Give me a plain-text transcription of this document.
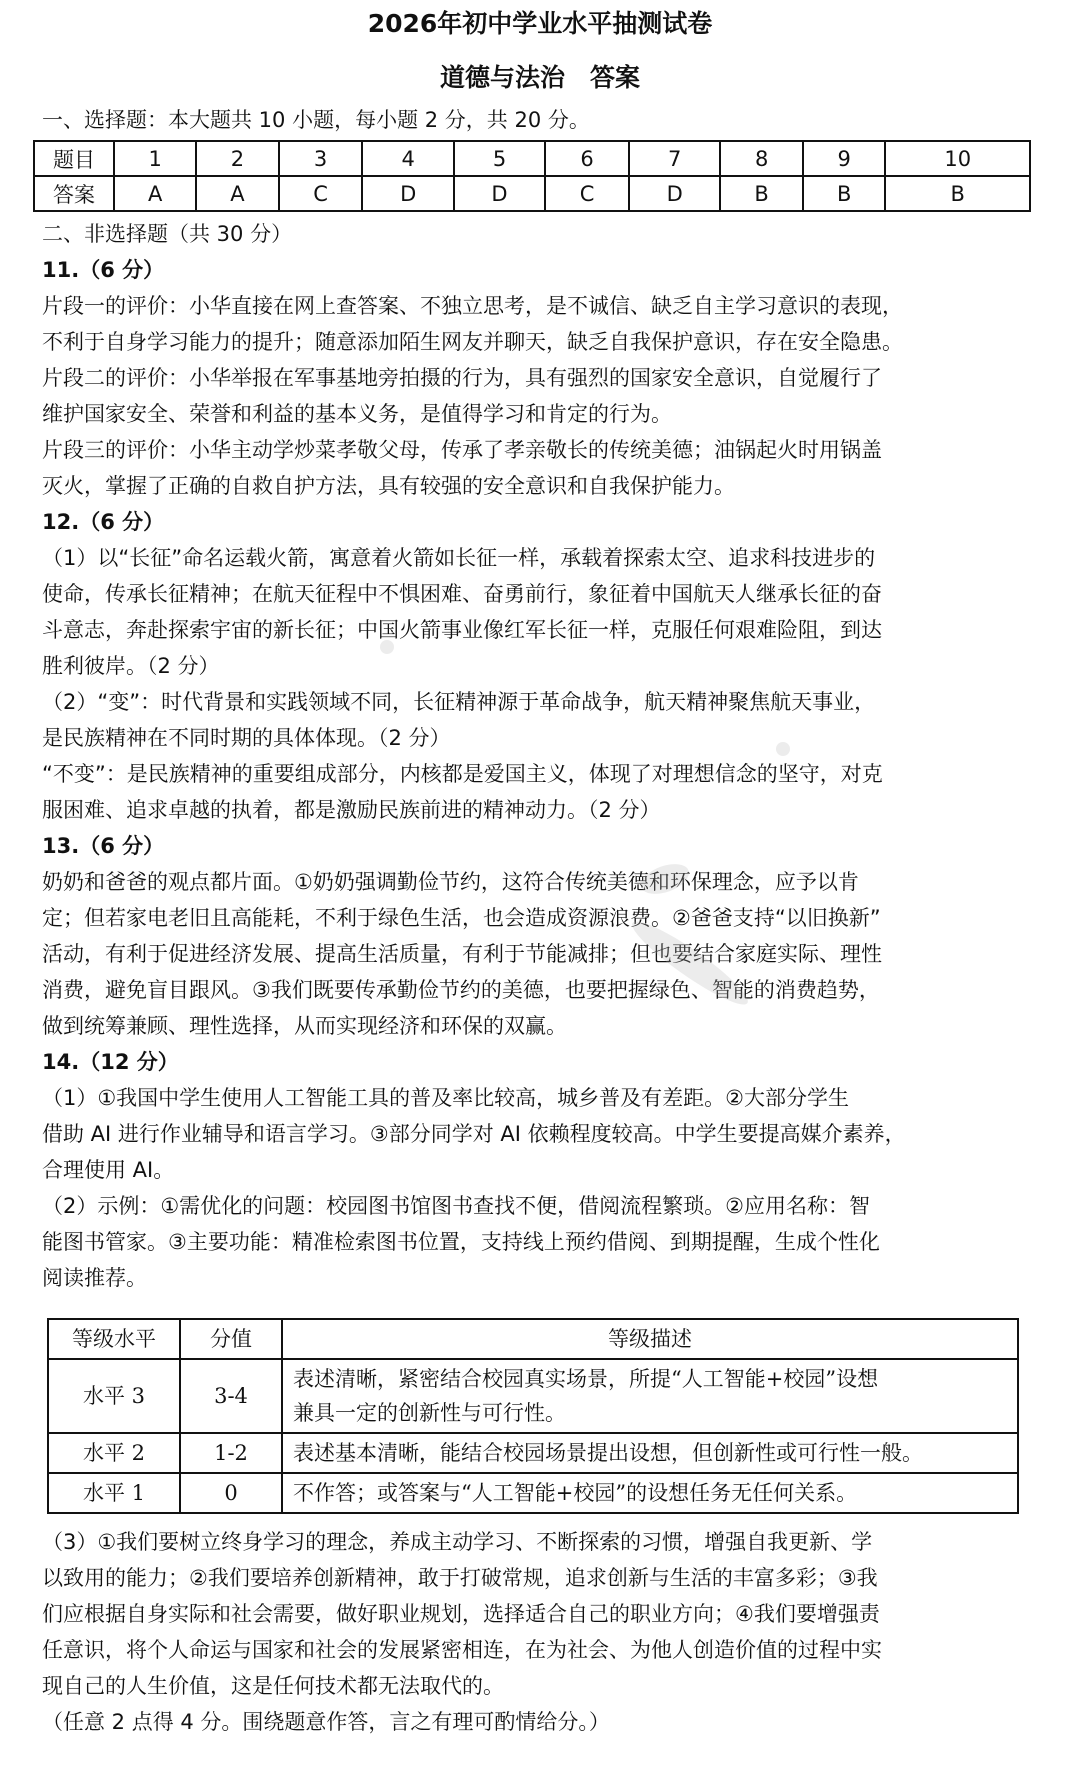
2026年初中学业水平抽测试卷
道德与法治　答案
一、选择题：本大题共 10 小题，每小题 2 分，共 20 分。
题目	1	2	3	4	5	6	7	8	9	10
答案	A	A	C	D	D	C	D	B	B	B
二、非选择题（共 30 分）
11.（6 分）
片段一的评价：小华直接在网上查答案、不独立思考，是不诚信、缺乏自主学习意识的表现，
不利于自身学习能力的提升；随意添加陌生网友并聊天，缺乏自我保护意识，存在安全隐患。
片段二的评价：小华举报在军事基地旁拍摄的行为，具有强烈的国家安全意识，自觉履行了
维护国家安全、荣誉和利益的基本义务，是值得学习和肯定的行为。
片段三的评价：小华主动学炒菜孝敬父母，传承了孝亲敬长的传统美德；油锅起火时用锅盖
灭火，掌握了正确的自救自护方法，具有较强的安全意识和自我保护能力。
12.（6 分）
（1）以“长征”命名运载火箭，寓意着火箭如长征一样，承载着探索太空、追求科技进步的
使命，传承长征精神；在航天征程中不惧困难、奋勇前行，象征着中国航天人继承长征的奋
斗意志，奔赴探索宇宙的新长征；中国火箭事业像红军长征一样，克服任何艰难险阻，到达
胜利彼岸。（2 分）
（2）“变”：时代背景和实践领域不同，长征精神源于革命战争，航天精神聚焦航天事业，
是民族精神在不同时期的具体体现。（2 分）
“不变”：是民族精神的重要组成部分，内核都是爱国主义，体现了对理想信念的坚守，对克
服困难、追求卓越的执着，都是激励民族前进的精神动力。（2 分）
13.（6 分）
奶奶和爸爸的观点都片面。①奶奶强调勤俭节约，这符合传统美德和环保理念，应予以肯
定；但若家电老旧且高能耗，不利于绿色生活，也会造成资源浪费。②爸爸支持“以旧换新”
活动，有利于促进经济发展、提高生活质量，有利于节能减排；但也要结合家庭实际、理性
消费，避免盲目跟风。③我们既要传承勤俭节约的美德，也要把握绿色、智能的消费趋势，
做到统筹兼顾、理性选择，从而实现经济和环保的双赢。
14.（12 分）
（1）①我国中学生使用人工智能工具的普及率比较高，城乡普及有差距。②大部分学生
借助 AI 进行作业辅导和语言学习。③部分同学对 AI 依赖程度较高。中学生要提高媒介素养，
合理使用 AI。
（2）示例：①需优化的问题：校园图书馆图书查找不便，借阅流程繁琐。②应用名称：智
能图书管家。③主要功能：精准检索图书位置，支持线上预约借阅、到期提醒，生成个性化
阅读推荐。
等级水平	分值	等级描述
水平 3	3-4	表述清晰，紧密结合校园真实场景，所提“人工智能+校园”设想
兼具一定的创新性与可行性。

水平 2	1-2	表述基本清晰，能结合校园场景提出设想，但创新性或可行性一般。
水平 1	0	不作答；或答案与“人工智能+校园”的设想任务无任何关系。
（3）①我们要树立终身学习的理念，养成主动学习、不断探索的习惯，增强自我更新、学
以致用的能力；②我们要培养创新精神，敢于打破常规，追求创新与生活的丰富多彩；③我
们应根据自身实际和社会需要，做好职业规划，选择适合自己的职业方向；④我们要增强责
任意识，将个人命运与国家和社会的发展紧密相连，在为社会、为他人创造价值的过程中实
现自己的人生价值，这是任何技术都无法取代的。
（任意 2 点得 4 分。围绕题意作答，言之有理可酌情给分。）
